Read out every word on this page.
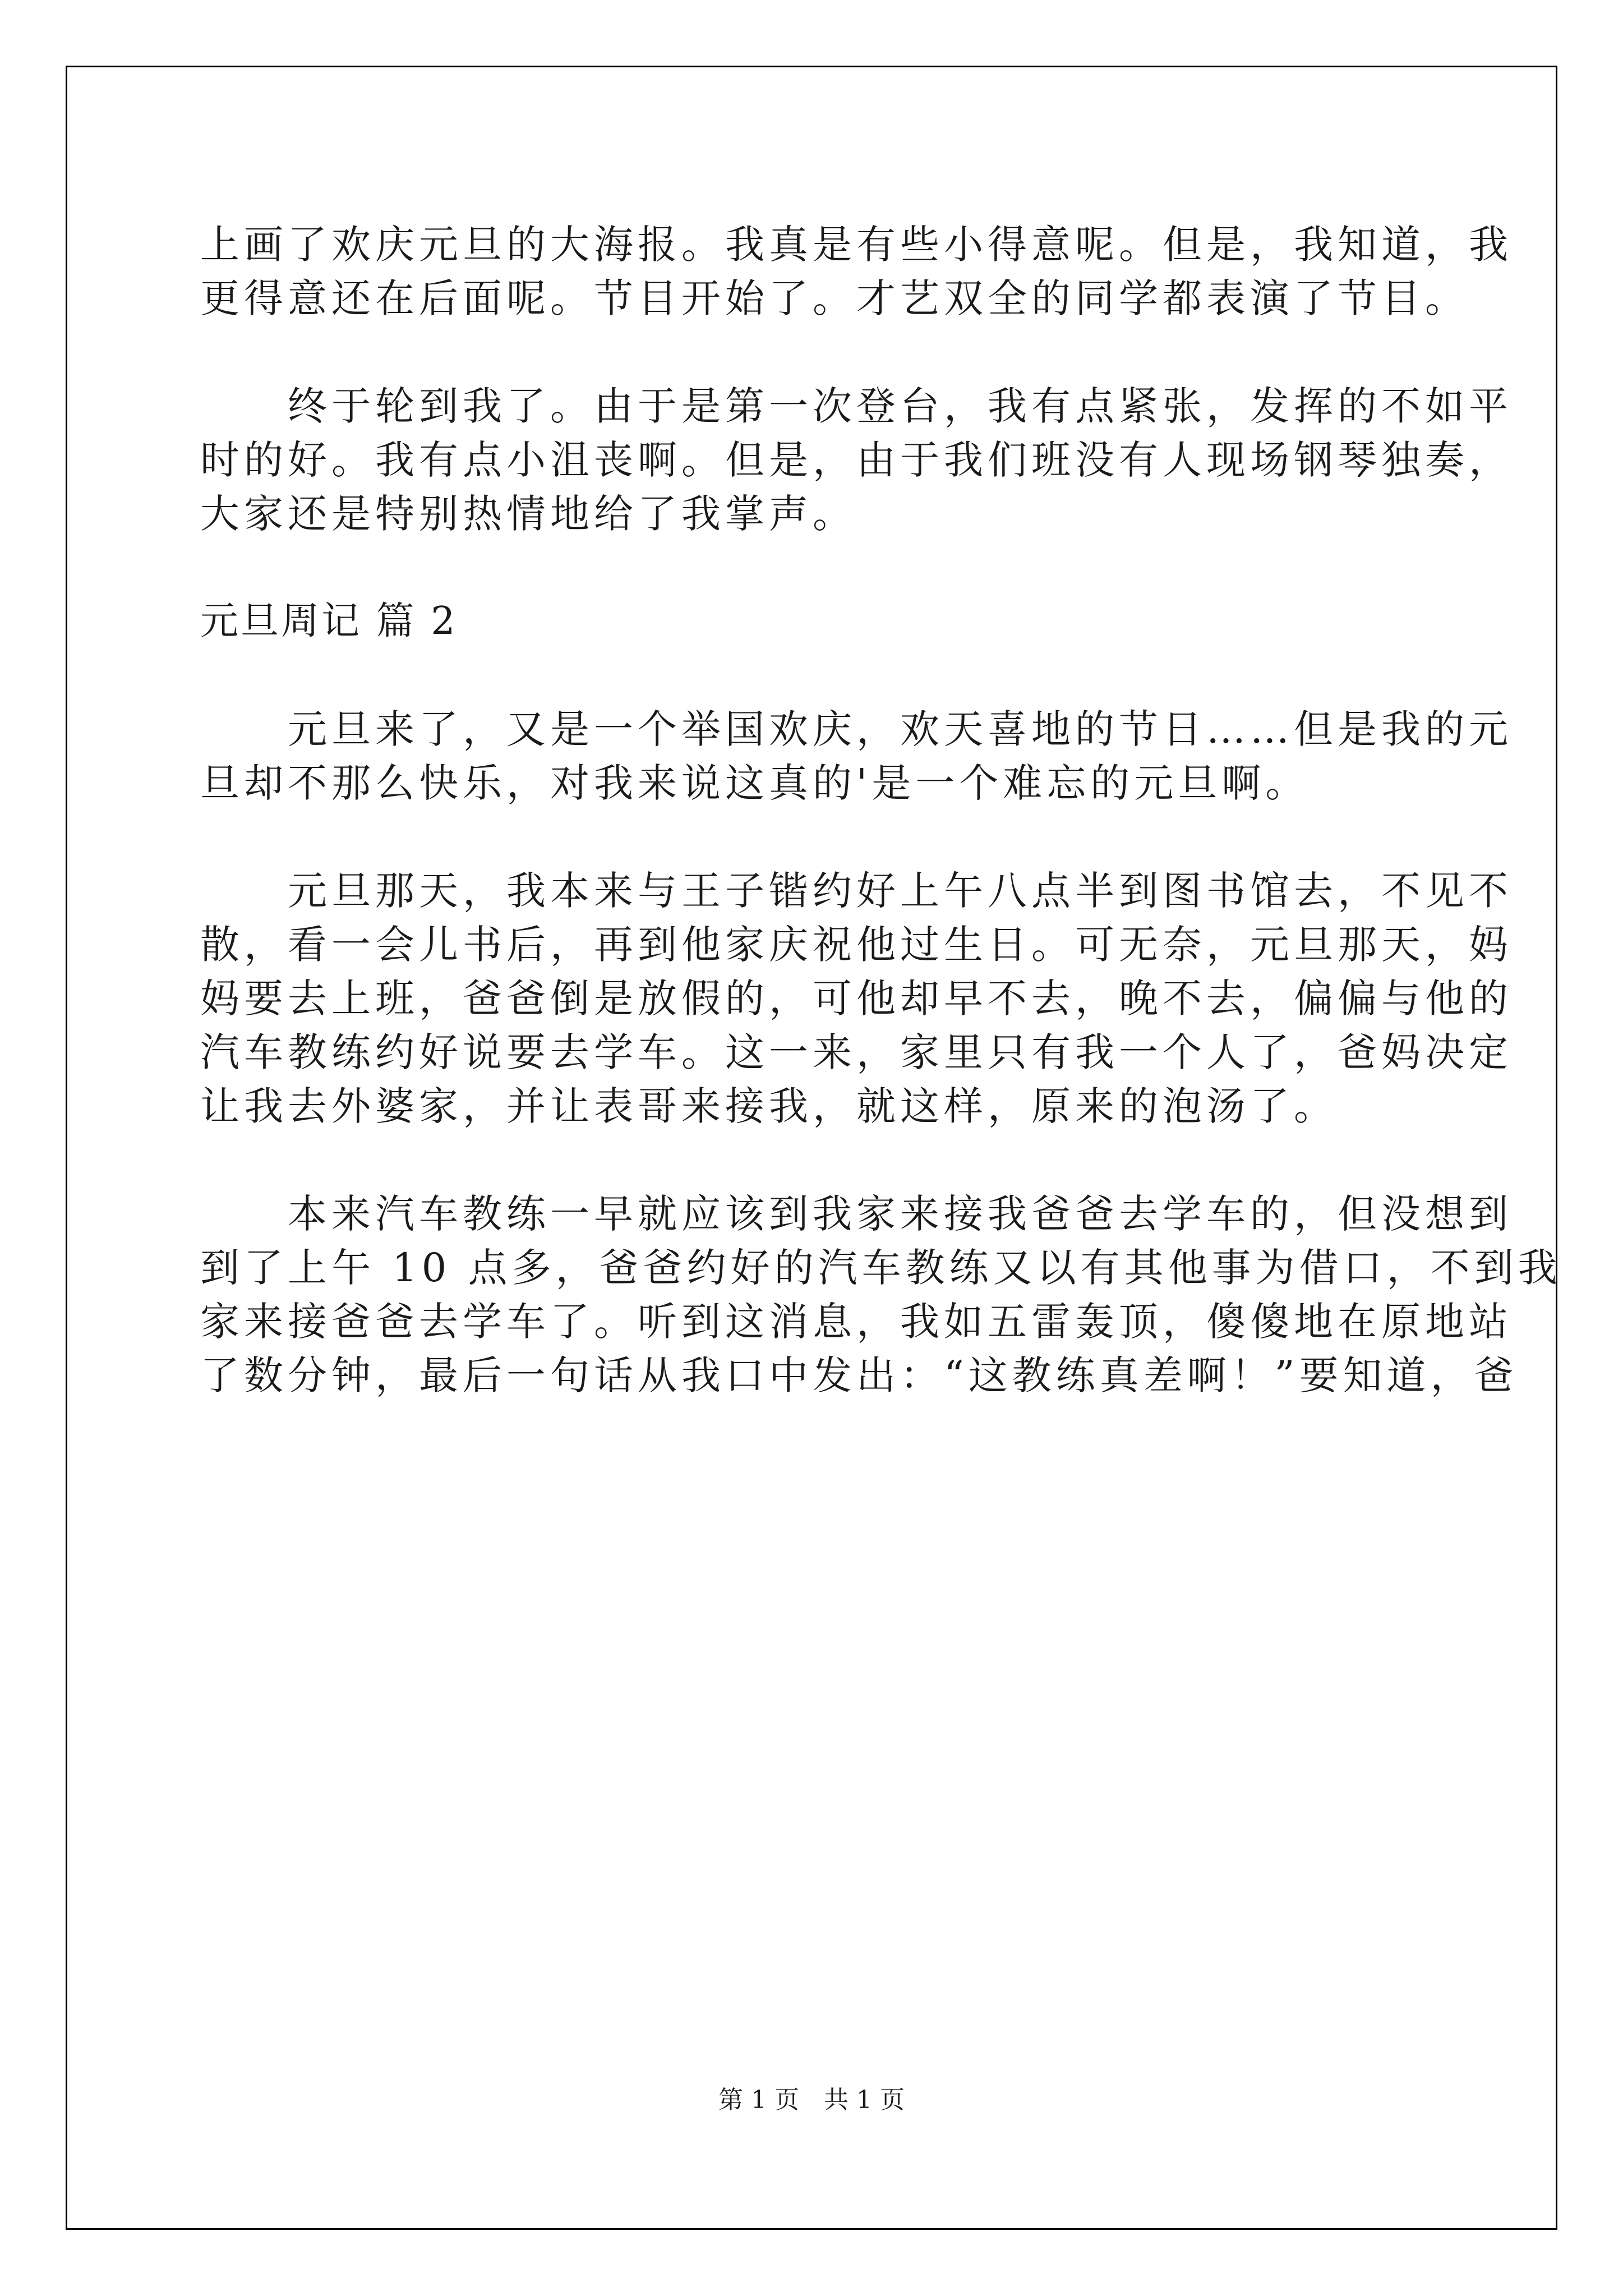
上画了欢庆元旦的大海报。我真是有些小得意呢。但是，我知道，我
更得意还在后面呢。节目开始了。才艺双全的同学都表演了节目。
　　终于轮到我了。由于是第一次登台，我有点紧张，发挥的不如平
时的好。我有点小沮丧啊。但是，由于我们班没有人现场钢琴独奏，
大家还是特别热情地给了我掌声。
元旦周记 篇 2
　　元旦来了，又是一个举国欢庆，欢天喜地的节日……但是我的元
旦却不那么快乐，对我来说这真的'是一个难忘的元旦啊。
　　元旦那天，我本来与王子锴约好上午八点半到图书馆去，不见不
散，看一会儿书后，再到他家庆祝他过生日。可无奈，元旦那天，妈
妈要去上班，爸爸倒是放假的，可他却早不去，晚不去，偏偏与他的
汽车教练约好说要去学车。这一来，家里只有我一个人了，爸妈决定
让我去外婆家，并让表哥来接我，就这样，原来的泡汤了。
　　本来汽车教练一早就应该到我家来接我爸爸去学车的，但没想到
到了上午 10 点多，爸爸约好的汽车教练又以有其他事为借口，不到我
家来接爸爸去学车了。听到这消息，我如五雷轰顶，傻傻地在原地站
了数分钟，最后一句话从我口中发出：“这教练真差啊！”要知道，爸
第 1 页　共 1 页
